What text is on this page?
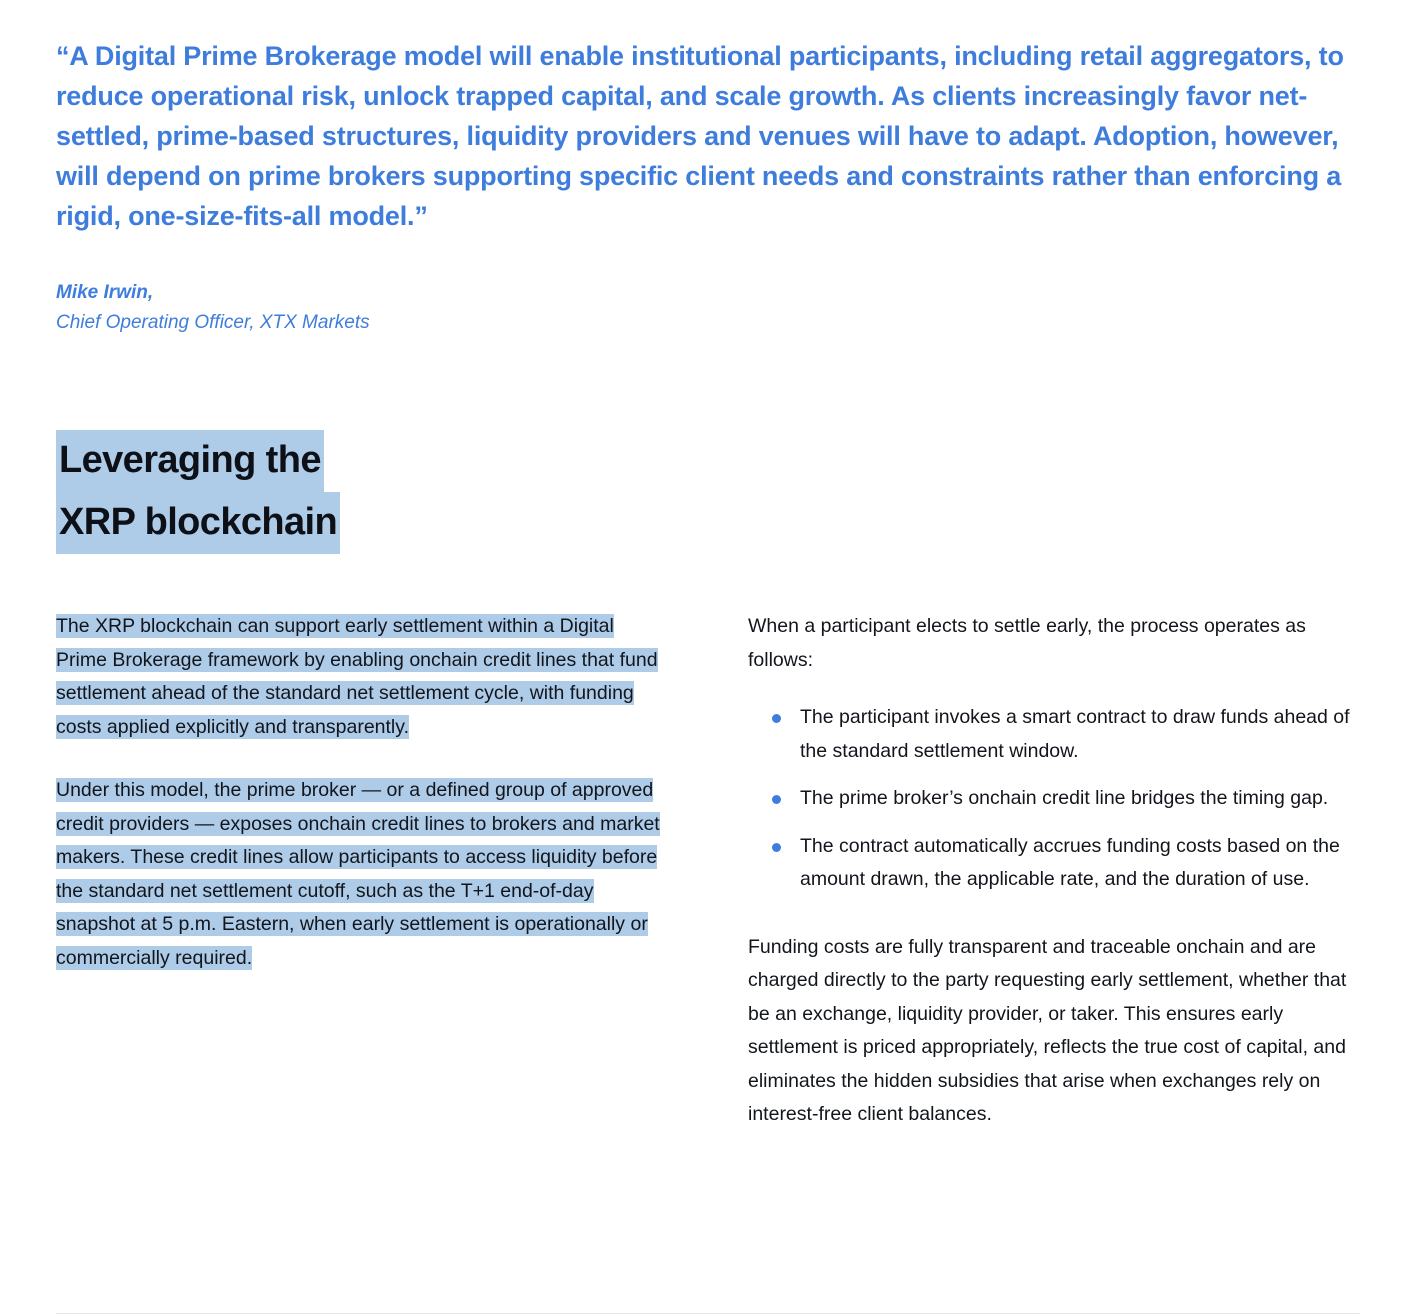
“A Digital Prime Brokerage model will enable institutional participants, including retail aggregators, to reduce operational risk, unlock trapped capital, and scale growth. As clients increasingly favor net-settled, prime-based structures, liquidity providers and venues will have to adapt. Adoption, however, will depend on prime brokers supporting specific client needs and constraints rather than enforcing a rigid, one-size-fits-all model.”

Mike Irwin,
Chief Operating Officer, XTX Markets
Leveraging the
XRP blockchain

The XRP blockchain can support early settlement within a Digital Prime Brokerage framework by enabling onchain credit lines that fund settlement ahead of the standard net settlement cycle, with funding costs applied explicitly and transparently.

Under this model, the prime broker — or a defined group of approved credit providers — exposes onchain credit lines to brokers and market makers. These credit lines allow participants to access liquidity before the standard net settlement cutoff, such as the T+1 end-of-day snapshot at 5 p.m. Eastern, when early settlement is operationally or commercially required.

When a participant elects to settle early, the process operates as follows:

The participant invokes a smart contract to draw funds ahead of the standard settlement window.
The prime broker’s onchain credit line bridges the timing gap.
The contract automatically accrues funding costs based on the amount drawn, the applicable rate, and the duration of use.

Funding costs are fully transparent and traceable onchain and are charged directly to the party requesting early settlement, whether that be an exchange, liquidity provider, or taker. This ensures early settlement is priced appropriately, reflects the true cost of capital, and eliminates the hidden subsidies that arise when exchanges rely on interest-free client balances.
